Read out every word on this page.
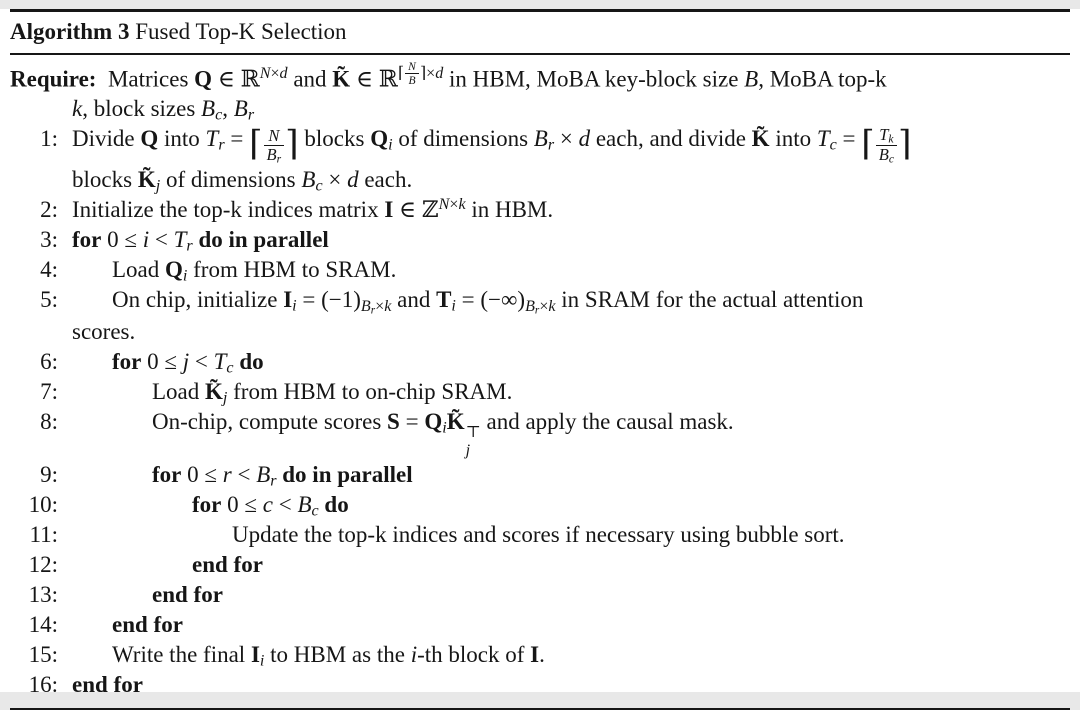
Algorithm 3 Fused Top-K Selection
Require:  Matrices Q ∈ ℝ$^{N\times d}$ and K̃ ∈ ℝ$^{⌈ \frac{N}{B} ⌉\times d}$ in HBM, MoBA key-block size B, MoBA top-k
k, block sizes $B_c$, $B_r$
1: Divide Q into $T_r$ = ⌈ $\frac{N}{B_r}$ ⌉ blocks $Q_i$ of dimensions $B_r \times d$ each, and divide K̃ into $T_c$ = ⌈ $\frac{T_k}{B_c}$ ⌉
blocks $K̃_j$ of dimensions $B_c \times d$ each.
2: Initialize the top-k indices matrix I ∈ ℤ$^{N\times k}$ in HBM.
3: for $0 \le i < T_r$ do in parallel
4: Load $Q_i$ from HBM to SRAM.
5: On chip, initialize $I_i = (-1)_{B_r\times k}$ and $T_i = (-\infty)_{B_r\times k}$ in SRAM for the actual attention
scores.
6: for $0 \le j < T_c$ do
7:	Load $K̃_j$ from HBM to on-chip SRAM.
8:	On-chip, compute scores $S = Q_iK̃$ ⊤
j
and apply the causal mask.
9:	for $0 \le r < B_r$ do in parallel
10:	for $0 \le c < B_c$ do
11:	Update the top-k indices and scores if necessary using bubble sort.
12:	end for
13:	end for
14: end for
15: Write the final $I_i$ to HBM as the i-th block of I.
16: end for
